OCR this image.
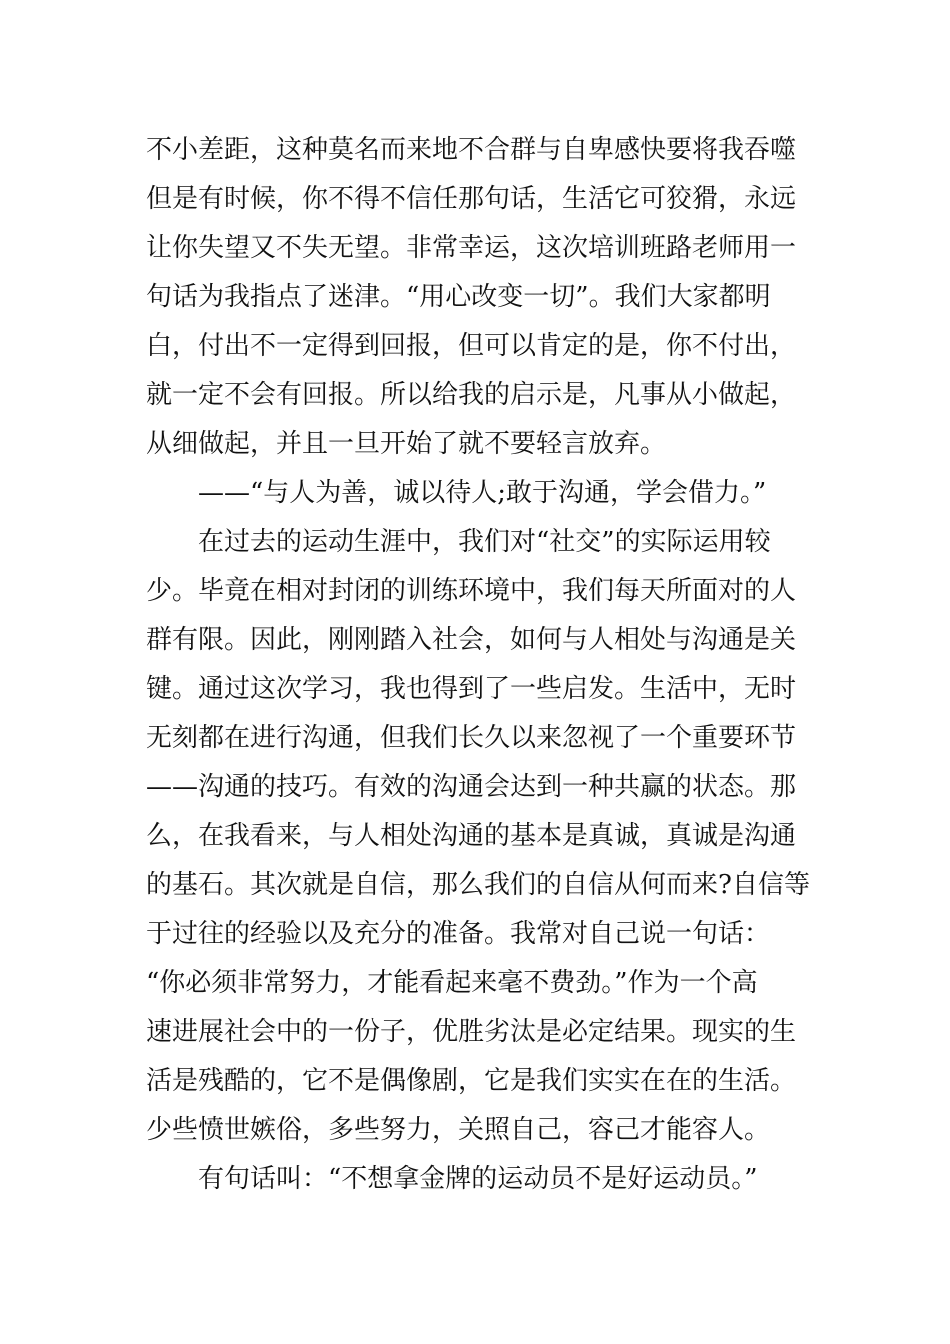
不小差距，这种莫名而来地不合群与自卑感快要将我吞噬
但是有时候，你不得不信任那句话，生活它可狡猾，永远
让你失望又不失无望。非常幸运，这次培训班路老师用一
句话为我指点了迷津。“用心改变一切”。我们大家都明
白，付出不一定得到回报，但可以肯定的是，你不付出，
就一定不会有回报。所以给我的启示是，凡事从小做起，
从细做起，并且一旦开始了就不要轻言放弃。
——“与人为善，诚以待人;敢于沟通，学会借力。”
在过去的运动生涯中，我们对“社交”的实际运用较
少。毕竟在相对封闭的训练环境中，我们每天所面对的人
群有限。因此，刚刚踏入社会，如何与人相处与沟通是关
键。通过这次学习，我也得到了一些启发。生活中，无时
无刻都在进行沟通，但我们长久以来忽视了一个重要环节
——沟通的技巧。有效的沟通会达到一种共赢的状态。那
么，在我看来，与人相处沟通的基本是真诚，真诚是沟通
的基石。其次就是自信，那么我们的自信从何而来?自信等
于过往的经验以及充分的准备。我常对自己说一句话：
“你必须非常努力，才能看起来毫不费劲。”作为一个高
速进展社会中的一份子，优胜劣汰是必定结果。现实的生
活是残酷的，它不是偶像剧，它是我们实实在在的生活。
少些愤世嫉俗，多些努力，关照自己，容己才能容人。
有句话叫：“不想拿金牌的运动员不是好运动员。”
